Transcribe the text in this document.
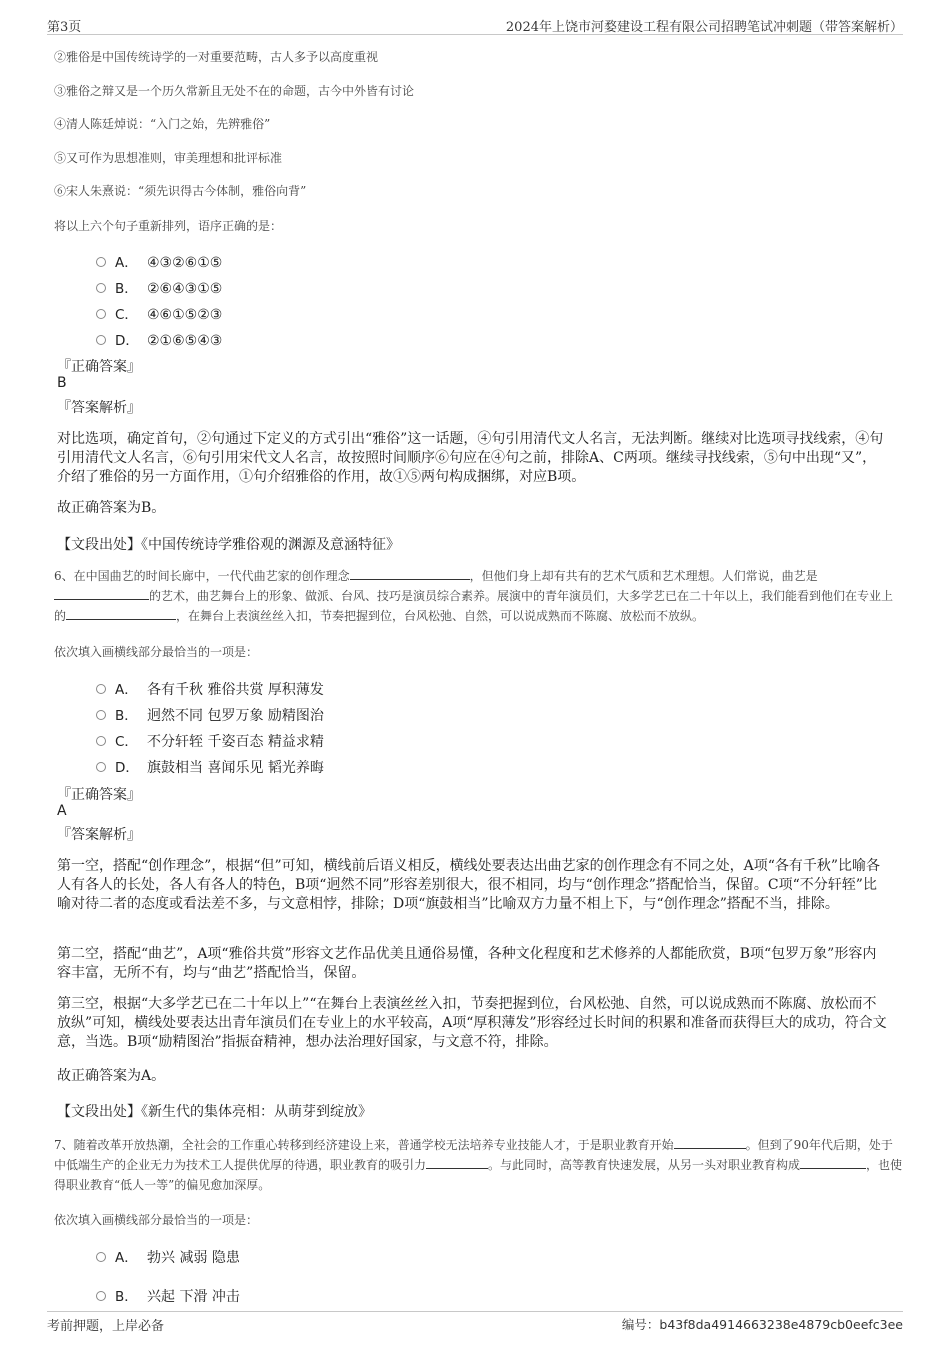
第3页	2024年上饶市河婺建设工程有限公司招聘笔试冲刺题（带答案解析）
②雅俗是中国传统诗学的一对重要范畴，古人多予以高度重视
③雅俗之辩又是一个历久常新且无处不在的命题，古今中外皆有讨论
④清人陈廷焯说：“入门之始，先辨雅俗”
⑤又可作为思想准则，审美理想和批评标准
⑥宋人朱熹说：“须先识得古今体制，雅俗向背”
将以上六个句子重新排列，语序正确的是：
A． ④③②⑥①⑤
B． ②⑥④③①⑤
C． ④⑥①⑤②③
D． ②①⑥⑤④③
『正确答案』
B
『答案解析』
对比选项，确定首句，②句通过下定义的方式引出“雅俗”这一话题，④句引用清代文人名言，无法判断。继续对比选项寻找线索，④句引用清代文人名言，⑥句引用宋代文人名言，故按照时间顺序⑥句应在④句之前，排除A、C两项。继续寻找线索，⑤句中出现“又”，介绍了雅俗的另一方面作用，①句介绍雅俗的作用，故①⑤两句构成捆绑，对应B项。
故正确答案为B。
【文段出处】《中国传统诗学雅俗观的渊源及意涵特征》
6、在中国曲艺的时间长廊中，一代代曲艺家的创作理念	，但他们身上却有共有的艺术气质和艺术理想。人们常说，曲艺是的艺术，曲艺舞台上的形象、做派、台风、技巧是演员综合素养。展演中的青年演员们，大多学艺已在二十年以上，我们能看到他们在专业上的	，在舞台上表演丝丝入扣，节奏把握到位，台风松弛、自然，可以说成熟而不陈腐、放松而不放纵。
依次填入画横线部分最恰当的一项是：
A． 各有千秋 雅俗共赏 厚积薄发
B． 迥然不同 包罗万象 励精图治
C． 不分轩轾 千姿百态 精益求精
D． 旗鼓相当 喜闻乐见 韬光养晦
『正确答案』
A
『答案解析』
第一空，搭配“创作理念”，根据“但”可知，横线前后语义相反，横线处要表达出曲艺家的创作理念有不同之处，A项“各有千秋”比喻各人有各人的长处，各人有各人的特色，B项“迥然不同”形容差别很大，很不相同，均与“创作理念”搭配恰当，保留。C项“不分轩轾”比喻对待二者的态度或看法差不多，与文意相悖，排除；D项“旗鼓相当”比喻双方力量不相上下，与“创作理念”搭配不当，排除。
第二空，搭配“曲艺”，A项“雅俗共赏”形容文艺作品优美且通俗易懂，各种文化程度和艺术修养的人都能欣赏，B项“包罗万象”形容内容丰富，无所不有，均与“曲艺”搭配恰当，保留。
第三空，根据“大多学艺已在二十年以上”“在舞台上表演丝丝入扣，节奏把握到位，台风松弛、自然，可以说成熟而不陈腐、放松而不放纵”可知，横线处要表达出青年演员们在专业上的水平较高，A项“厚积薄发”形容经过长时间的积累和准备而获得巨大的成功，符合文意，当选。B项“励精图治”指振奋精神，想办法治理好国家，与文意不符，排除。
故正确答案为A。
【文段出处】《新生代的集体亮相：从萌芽到绽放》
7、随着改革开放热潮，全社会的工作重心转移到经济建设上来，普通学校无法培养专业技能人才，于是职业教育开始	。但到了90年代后期，处于中低端生产的企业无力为技术工人提供优厚的待遇，职业教育的吸引力	。与此同时，高等教育快速发展，从另一头对职业教育构成	，也使得职业教育“低人一等”的偏见愈加深厚。
依次填入画横线部分最恰当的一项是：
A． 勃兴 减弱 隐患
B． 兴起 下滑 冲击
考前押题，上岸必备	编号：b43f8da4914663238e4879cb0eefc3ee
